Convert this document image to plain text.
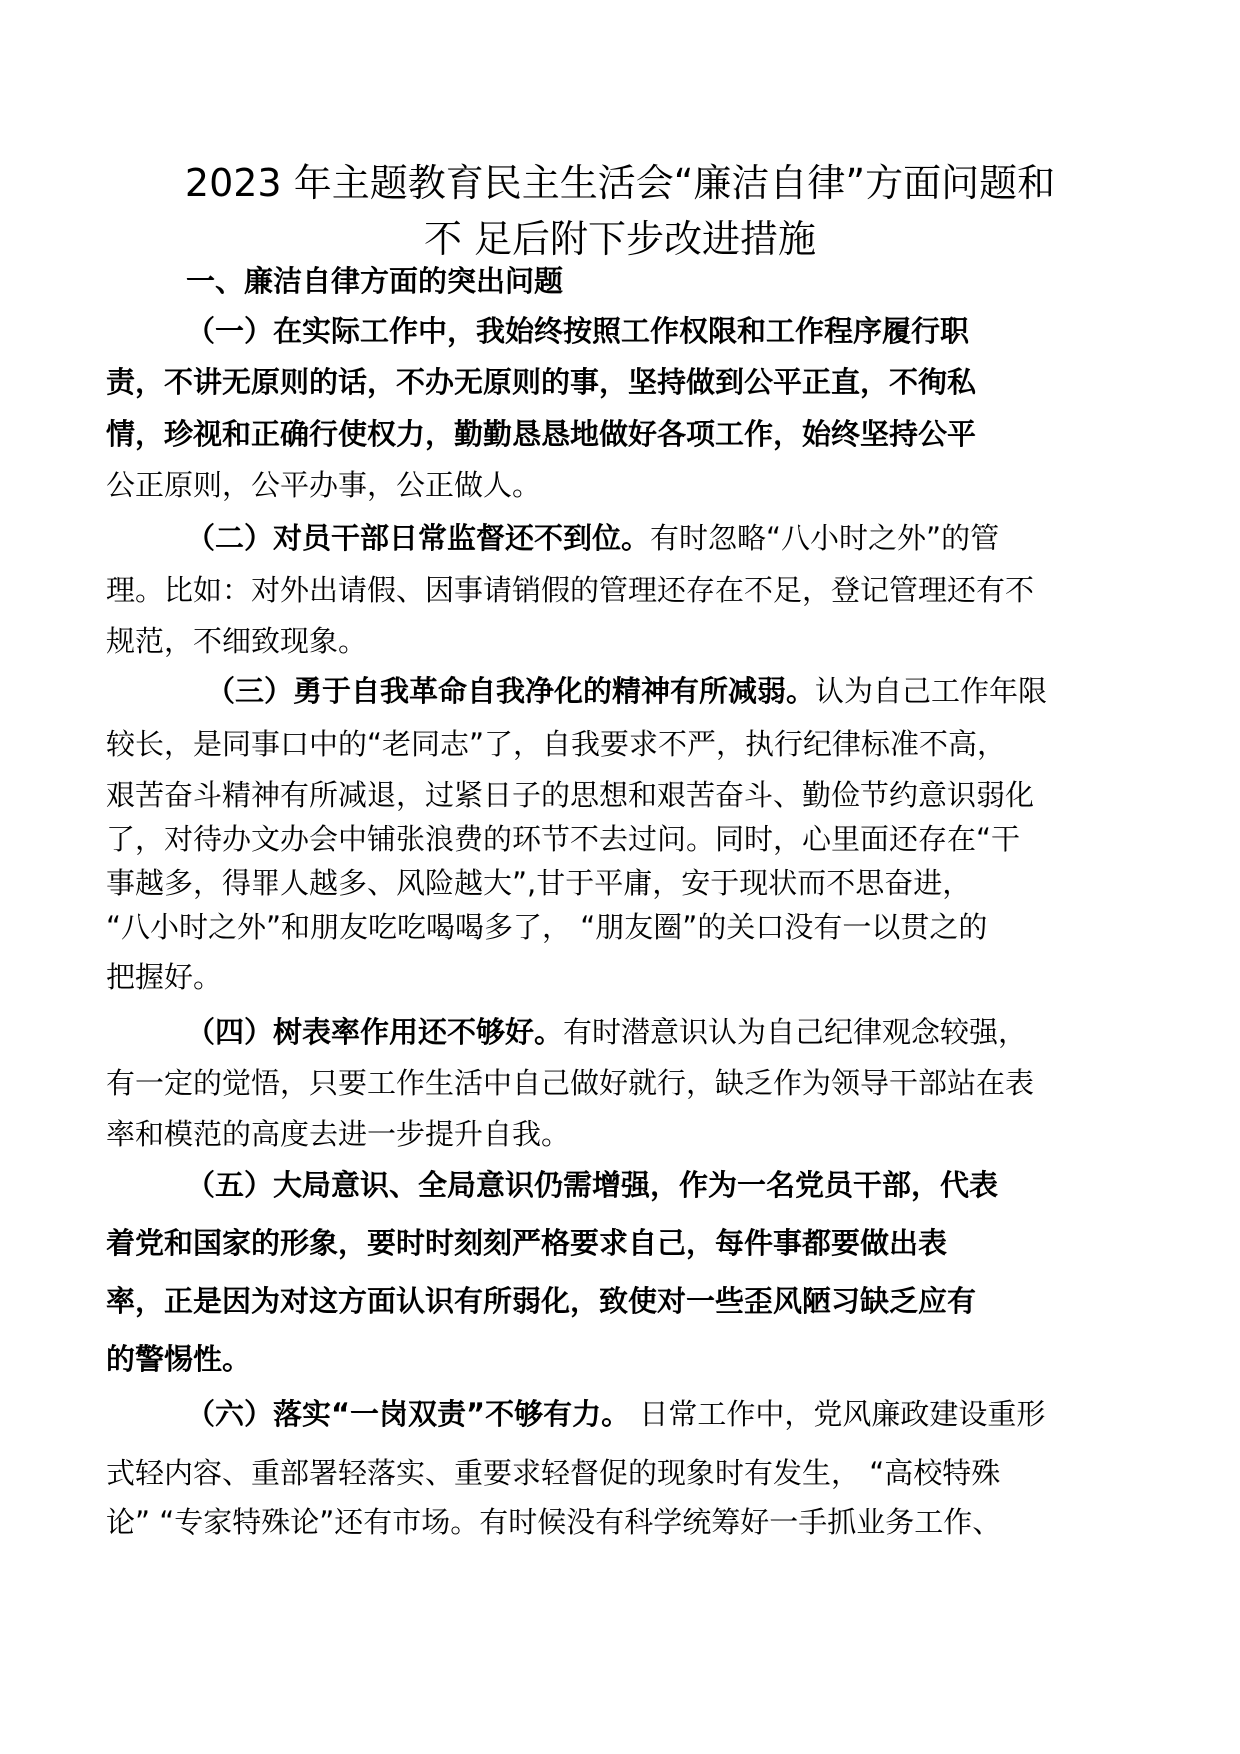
2023 年主题教育民主生活会“廉洁自律”方面问题和
不 足后附下步改进措施
一、廉洁自律方面的突出问题
（一）在实际工作中，我始终按照工作权限和工作程序履行职
责，不讲无原则的话，不办无原则的事，坚持做到公平正直，不徇私
情，珍视和正确行使权力，勤勤恳恳地做好各项工作，始终坚持公平
公正原则，公平办事，公正做人。
（二）对员干部日常监督还不到位。有时忽略“八小时之外”的管
理。比如：对外出请假、因事请销假的管理还存在不足，登记管理还有不
规范，不细致现象。
（三）勇于自我革命自我净化的精神有所减弱。认为自己工作年限
较长，是同事口中的“老同志”了，自我要求不严，执行纪律标准不高，
艰苦奋斗精神有所减退，过紧日子的思想和艰苦奋斗、勤俭节约意识弱化
了，对待办文办会中铺张浪费的环节不去过问。同时，心里面还存在“干
事越多，得罪人越多、风险越大”,甘于平庸，安于现状而不思奋进，
“八小时之外”和朋友吃吃喝喝多了， “朋友圈”的关口没有一以贯之的
把握好。
（四）树表率作用还不够好。有时潜意识认为自己纪律观念较强，
有一定的觉悟，只要工作生活中自己做好就行，缺乏作为领导干部站在表
率和模范的高度去进一步提升自我。
（五）大局意识、全局意识仍需增强，作为一名党员干部，代表
着党和国家的形象，要时时刻刻严格要求自己，每件事都要做出表
率，正是因为对这方面认识有所弱化，致使对一些歪风陋习缺乏应有
的警惕性。
（六）落实“一岗双责”不够有力。 日常工作中，党风廉政建设重形
式轻内容、重部署轻落实、重要求轻督促的现象时有发生， “高校特殊
论” “专家特殊论”还有市场。有时候没有科学统筹好一手抓业务工作、
